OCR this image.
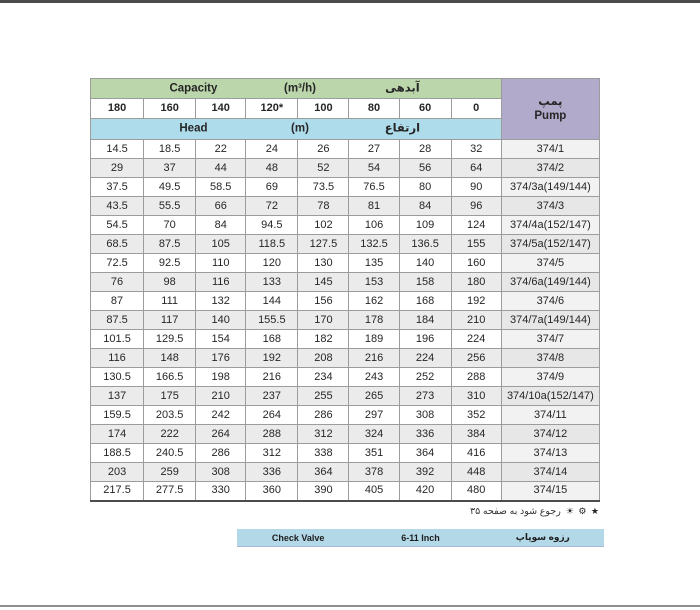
Capacity	(m³/h)	آبدهی

پمپ
Pump

180	160	140	120*	100	80	60	0	

Head (m) ارتفاع								

14.5	18.5	22	24	26	27	28	32	374/1
29	37	44	48	52	54	56	64	374/2
37.5	49.5	58.5	69	73.5	76.5	80	90	374/3a(149/144)
43.5	55.5	66	72	78	81	84	96	374/3
54.5	70	84	94.5	102	106	109	124	374/4a(152/147)
68.5	87.5	105	118.5	127.5	132.5	136.5	155	374/5a(152/147)
72.5	92.5	110	120	130	135	140	160	374/5
76	98	116	133	145	153	158	180	374/6a(149/144)
87	111	132	144	156	162	168	192	374/6
87.5	117	140	155.5	170	178	184	210	374/7a(149/144)
101.5	129.5	154	168	182	189	196	224	374/7
116	148	176	192	208	216	224	256	374/8
130.5	166.5	198	216	234	243	252	288	374/9
137	175	210	237	255	265	273	310	374/10a(152/147)
159.5	203.5	242	264	286	297	308	352	374/11
174	222	264	288	312	324	336	384	374/12
188.5	240.5	286	312	338	351	364	416	374/13
203	259	308	336	364	378	392	448	374/14
217.5	277.5	330	360	390	405	420	480	374/15
رجوع شود به صفحه ۳۵ ☀ ⚙ ★
Check Valve	6-11 Inch	رزوه سوپاپ
